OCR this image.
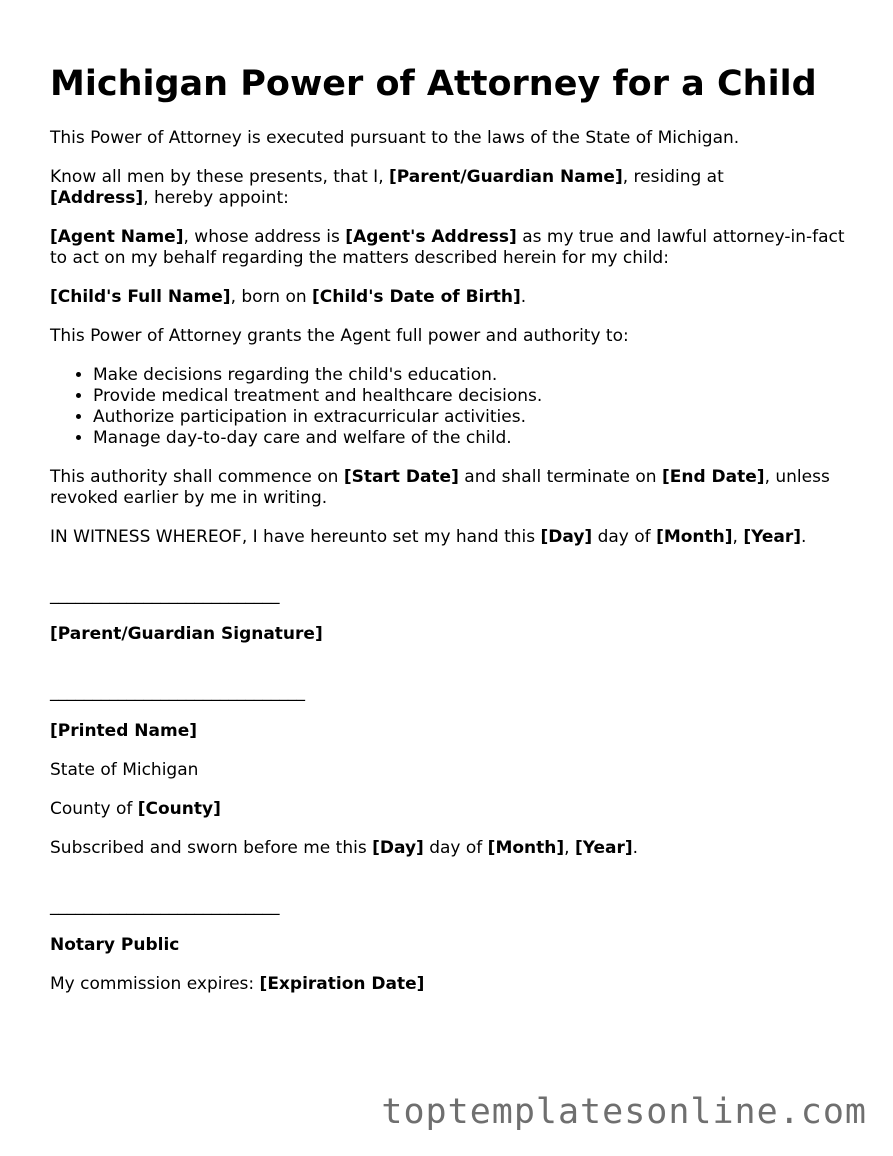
Michigan Power of Attorney for a Child

This Power of Attorney is executed pursuant to the laws of the State of Michigan.

Know all men by these presents, that I, [Parent/Guardian Name], residing at
[Address], hereby appoint:

[Agent Name], whose address is [Agent's Address] as my true and lawful attorney-in-fact to act on my behalf regarding the matters described herein for my child:

[Child's Full Name], born on [Child's Date of Birth].

This Power of Attorney grants the Agent full power and authority to:

• Make decisions regarding the child's education.
• Provide medical treatment and healthcare decisions.
• Authorize participation in extracurricular activities.
• Manage day-to-day care and welfare of the child.

This authority shall commence on [Start Date] and shall terminate on [End Date], unless revoked earlier by me in writing.

IN WITNESS WHEREOF, I have hereunto set my hand this [Day] day of [Month], [Year].

___________________________

[Parent/Guardian Signature]

______________________________

[Printed Name]

State of Michigan

County of [County]

Subscribed and sworn before me this [Day] day of [Month], [Year].

___________________________

Notary Public

My commission expires: [Expiration Date]

toptemplatesonline.com
